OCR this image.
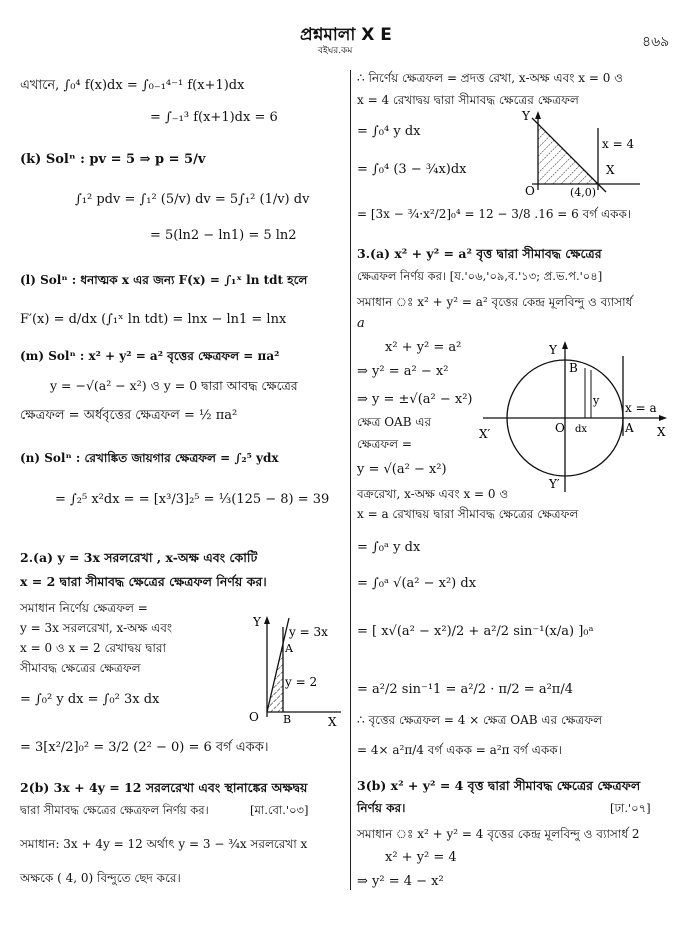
প্রশ্নমালা X E
বইঘর.কম
৪৬৯
এখানে, ∫₀⁴ f(x)dx = ∫₀₋₁⁴⁻¹ f(x+1)dx
= ∫₋₁³ f(x+1)dx = 6
(k) Solⁿ : pv = 5 ⇒ p = 5/v
∫₁² pdv = ∫₁² (5/v) dv = 5∫₁² (1/v) dv
= 5(ln2 − ln1) = 5 ln2
(l) Solⁿ : ধনাত্মক x এর জন্য F(x) = ∫₁ˣ ln tdt হলে
F′(x) = d/dx (∫₁ˣ ln tdt) = lnx − ln1 = lnx
(m) Solⁿ : x² + y² = a² বৃত্তের ক্ষেত্রফল = πa²
y = −√(a² − x²) ও y = 0 দ্বারা আবদ্ধ ক্ষেত্রের
ক্ষেত্রফল = অর্ধবৃত্তের ক্ষেত্রফল = ½ πa²
(n) Solⁿ : রেখাঙ্কিত জায়গার ক্ষেত্রফল = ∫₂⁵ ydx
= ∫₂⁵ x²dx = = [x³/3]₂⁵ = ⅓(125 − 8) = 39
2.(a) y = 3x সরলরেখা , x-অক্ষ এবং কোটি
x = 2 দ্বারা সীমাবদ্ধ ক্ষেত্রের ক্ষেত্রফল নির্ণয় কর।
সমাধান নির্ণেয় ক্ষেত্রফল =
y = 3x সরলরেখা, x-অক্ষ এবং
x = 0 ও x = 2 রেখাদ্বয় দ্বারা
সীমাবদ্ধ ক্ষেত্রের ক্ষেত্রফল
= ∫₀² y dx = ∫₀² 3x dx
= 3[x²/2]₀² = 3/2 (2² − 0) = 6 বর্গ একক।
Y
X
O
A
B
y = 3x
y = 2
2(b) 3x + 4y = 12 সরলরেখা এবং স্থানাঙ্কের অক্ষদ্বয়
দ্বারা সীমাবদ্ধ ক্ষেত্রের ক্ষেত্রফল নির্ণয় কর।	[মা.বো.'০৩]
সমাধান: 3x + 4y = 12 অর্থাৎ y = 3 − ¾x সরলরেখা x
অক্ষকে ( 4, 0) বিন্দুতে ছেদ করে।
∴ নির্ণেয় ক্ষেত্রফল = প্রদত্ত রেখা, x-অক্ষ এবং x = 0 ও
x = 4 রেখাদ্বয় দ্বারা সীমাবদ্ধ ক্ষেত্রের ক্ষেত্রফল
= ∫₀⁴ y dx
= ∫₀⁴ (3 − ¾x)dx
= [3x − ¾·x²/2]₀⁴ = 12 − 3/8 .16 = 6 বর্গ একক।
Y
X
O	(4,0)
x = 4
3.(a) x² + y² = a² বৃত্ত দ্বারা সীমাবদ্ধ ক্ষেত্রের
ক্ষেত্রফল নির্ণয় কর। [য.'০৬,'০৯,ব.'১৩; প্র.ভ.প.'০৪]
সমাধান ঃ x² + y² = a² বৃত্তের কেন্দ্র মূলবিন্দু ও ব্যাসার্ধ
a
x² + y² = a²
⇒ y² = a² − x²
⇒ y = ±√(a² − x²)
ক্ষেত্র OAB এর
ক্ষেত্রফল =
y = √(a² − x²)
বক্ররেখা, x-অক্ষ এবং x = 0 ও
x = a রেখাদ্বয় দ্বারা সীমাবদ্ধ ক্ষেত্রের ক্ষেত্রফল
= ∫₀ᵃ y dx
= ∫₀ᵃ √(a² − x²) dx
= [ x√(a² − x²)/2 + a²/2 sin⁻¹(x/a) ]₀ᵃ
= a²/2 sin⁻¹1 = a²/2 · π/2 = a²π/4
∴ বৃত্তের ক্ষেত্রফল = 4 × ক্ষেত্র OAB এর ক্ষেত্রফল
= 4× a²π/4 বর্গ একক = a²π বর্গ একক।
Y
Y′
X
X′	O	A
B
x = a
dx
y
3(b) x² + y² = 4 বৃত্ত দ্বারা সীমাবদ্ধ ক্ষেত্রের ক্ষেত্রফল
নির্ণয় কর।	[ঢা.'০৭]
সমাধান ঃ x² + y² = 4 বৃত্তের কেন্দ্র মূলবিন্দু ও ব্যাসার্ধ 2
x² + y² = 4
⇒ y² = 4 − x²
